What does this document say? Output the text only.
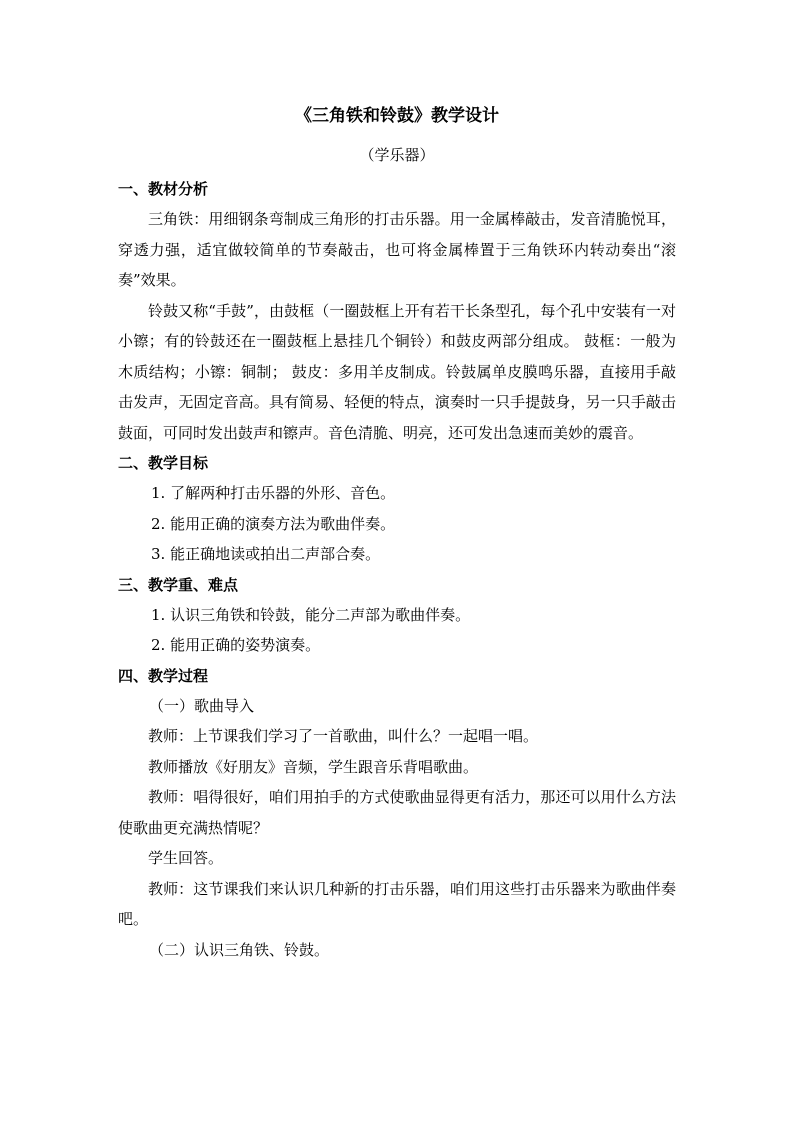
《三角铁和铃鼓》教学设计
（学乐器）
一、教材分析

三角铁：用细钢条弯制成三角形的打击乐器。用一金属棒敲击，发音清脆悦耳，穿透力强，适宜做较简单的节奏敲击，也可将金属棒置于三角铁环内转动奏出“滚奏”效果。

铃鼓又称“手鼓”，由鼓框（一圈鼓框上开有若干长条型孔，每个孔中安装有一对小镲；有的铃鼓还在一圈鼓框上悬挂几个铜铃）和鼓皮两部分组成。 鼓框：一般为木质结构；小镲：铜制； 鼓皮：多用羊皮制成。铃鼓属单皮膜鸣乐器，直接用手敲击发声，无固定音高。具有简易、轻便的特点，演奏时一只手提鼓身，另一只手敲击鼓面，可同时发出鼓声和镲声。音色清脆、明亮，还可发出急速而美妙的震音。

二、教学目标

1. 了解两种打击乐器的外形、音色。

2. 能用正确的演奏方法为歌曲伴奏。

3. 能正确地读或拍出二声部合奏。

三、教学重、难点

1. 认识三角铁和铃鼓，能分二声部为歌曲伴奏。

2. 能用正确的姿势演奏。

四、教学过程

（一）歌曲导入

教师：上节课我们学习了一首歌曲，叫什么？一起唱一唱。

教师播放《好朋友》音频，学生跟音乐背唱歌曲。

教师：唱得很好，咱们用拍手的方式使歌曲显得更有活力，那还可以用什么方法使歌曲更充满热情呢？

学生回答。

教师：这节课我们来认识几种新的打击乐器，咱们用这些打击乐器来为歌曲伴奏吧。

（二）认识三角铁、铃鼓。
